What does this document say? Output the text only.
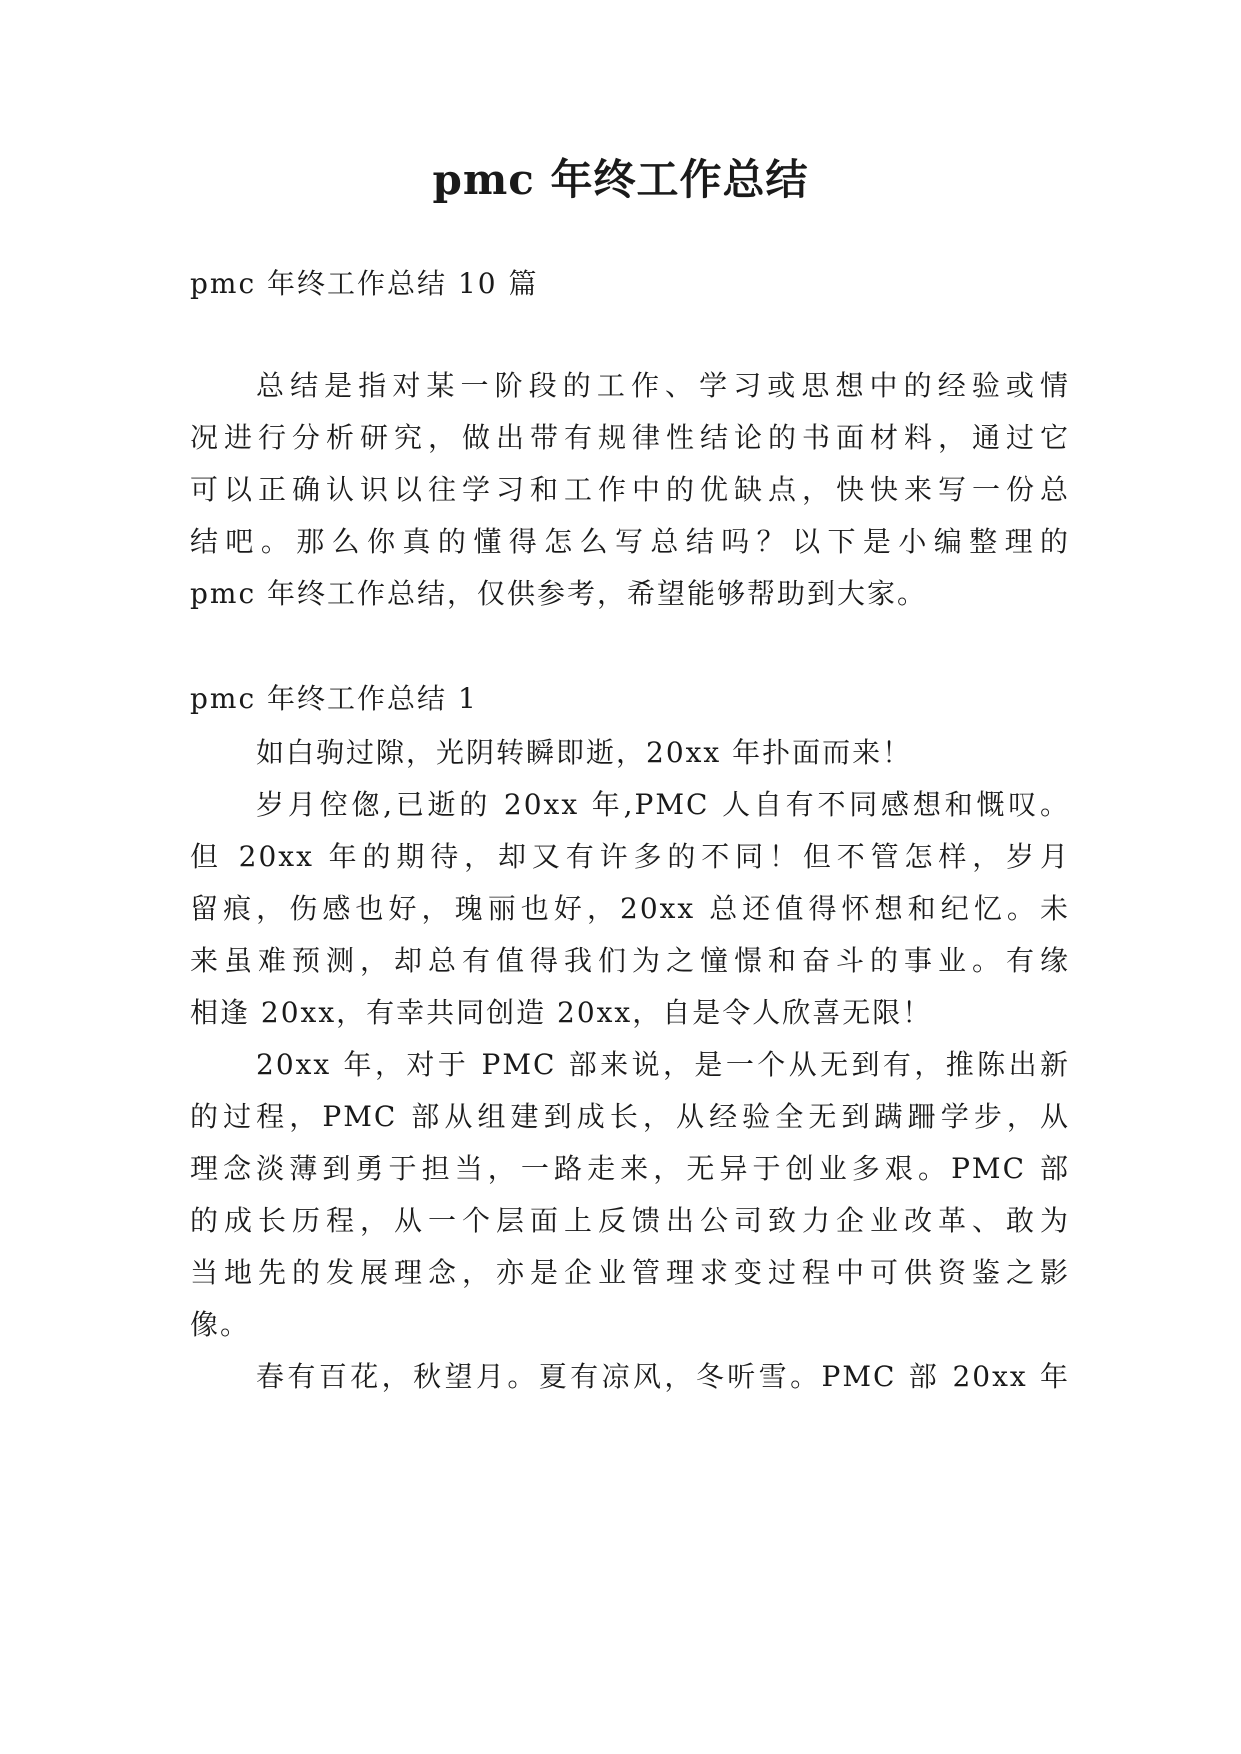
pmc 年终工作总结
pmc 年终工作总结 10 篇
总结是指对某一阶段的工作、学习或思想中的经验或情
况进行分析研究，做出带有规律性结论的书面材料，通过它
可以正确认识以往学习和工作中的优缺点，快快来写一份总
结吧。那么你真的懂得怎么写总结吗？以下是小编整理的
pmc 年终工作总结，仅供参考，希望能够帮助到大家。
pmc 年终工作总结 1
如白驹过隙，光阴转瞬即逝，20xx 年扑面而来！
岁月倥偬,已逝的 20xx 年,PMC 人自有不同感想和慨叹。
但 20xx 年的期待，却又有许多的不同！但不管怎样，岁月
留痕，伤感也好，瑰丽也好，20xx 总还值得怀想和纪忆。未
来虽难预测，却总有值得我们为之憧憬和奋斗的事业。有缘
相逢 20xx，有幸共同创造 20xx，自是令人欣喜无限！
20xx 年，对于 PMC 部来说，是一个从无到有，推陈出新
的过程，PMC 部从组建到成长，从经验全无到蹒跚学步，从
理念淡薄到勇于担当，一路走来，无异于创业多艰。PMC 部
的成长历程，从一个层面上反馈出公司致力企业改革、敢为
当地先的发展理念，亦是企业管理求变过程中可供资鉴之影
像。
春有百花，秋望月。夏有凉风，冬听雪。PMC 部 20xx 年
